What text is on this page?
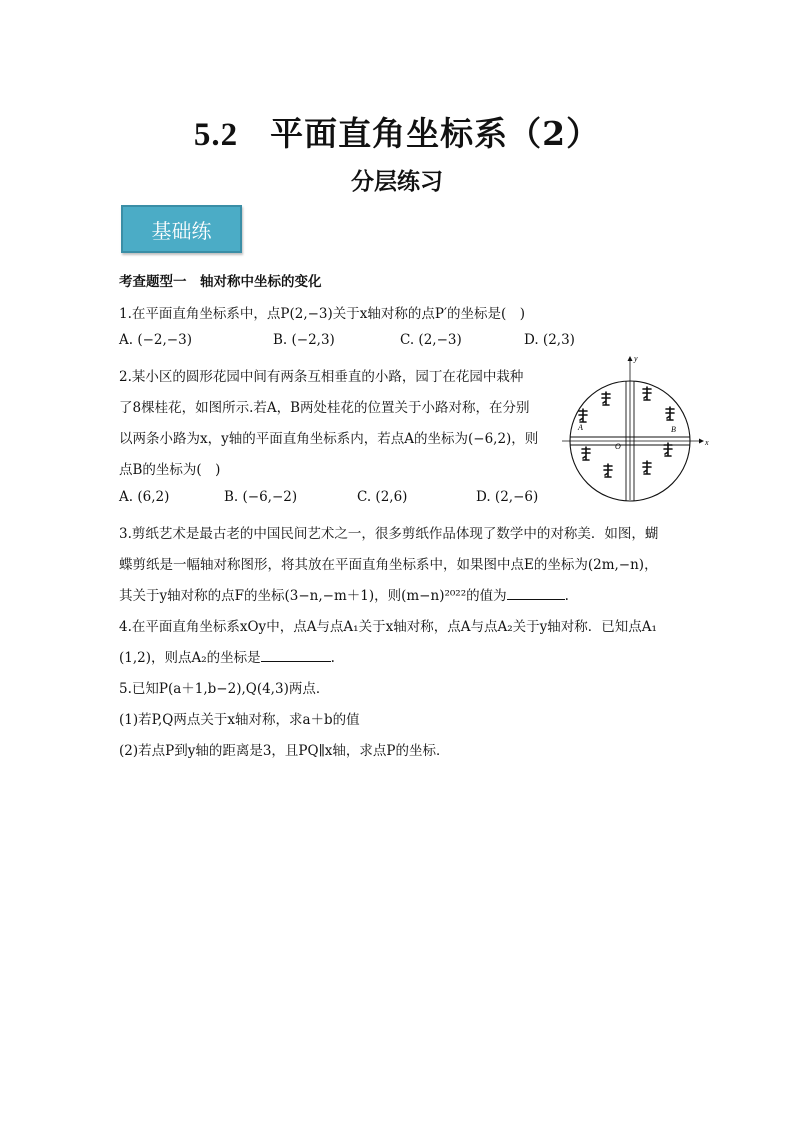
5.2 平面直角坐标系（2）
分层练习
基础练
考查题型一　轴对称中坐标的变化
1.在平面直角坐标系中，点P(2,−3)关于x轴对称的点P′的坐标是(　)
A. (−2,−3)	B. (−2,3)	C. (2,−3)	D. (2,3)
2.某小区的圆形花园中间有两条互相垂直的小路，园丁在花园中栽种
了8棵桂花，如图所示.若A，B两处桂花的位置关于小路对称，在分别
以两条小路为x，y轴的平面直角坐标系内，若点A的坐标为(−6,2)，则
点B的坐标为(　)
A. (6,2)	B. (−6,−2)	C. (2,6)	D. (2,−6)
x
y
O
A	B
3.剪纸艺术是最古老的中国民间艺术之一，很多剪纸作品体现了数学中的对称美．如图，蝴
蝶剪纸是一幅轴对称图形，将其放在平面直角坐标系中，如果图中点E的坐标为(2m,−n)，
其关于y轴对称的点F的坐标(3−n,−m＋1)，则(m−n)²⁰²²的值为	.
4.在平面直角坐标系xOy中，点A与点A₁关于x轴对称，点A与点A₂关于y轴对称．已知点A₁
(1,2)，则点A₂的坐标是	.
5.已知P(a＋1,b−2),Q(4,3)两点．
(1)若P,Q两点关于x轴对称，求a＋b的值
(2)若点P到y轴的距离是3，且PQ∥x轴，求点P的坐标．
